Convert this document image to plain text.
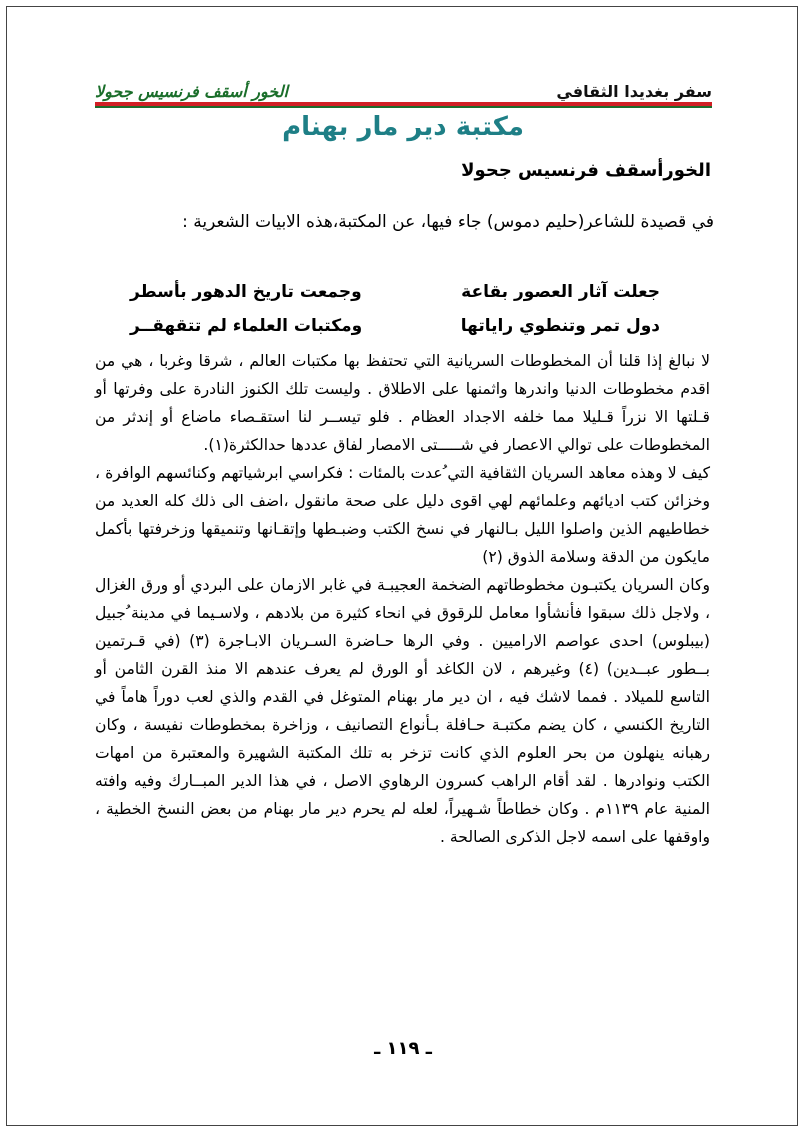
سفر بغديدا الثقافي
الخور أسقف فرنسيس جحولا
مكتبة دير مار بهنام
الخورأسقف فرنسيس جحولا
في قصيدة للشاعر(حليم دموس) جاء فيها، عن المكتبة،هذه الابيات الشعرية :
جعلت آثار العصور بقاعة
وجمعت تاريخ الدهور بأسطر
دول تمر وتنطوي راياتها
ومكتبات العلماء لم تتقهقــر

لا نبالغ إذا قلنا أن المخطوطات السريانية التي تحتفظ بها مكتبات العالم ، شرقا وغربا ، هي من اقدم مخطوطات الدنيا واندرها واثمنها على الاطلاق . وليست تلك الكنوز النادرة على وفرتها أو قـلتها الا نزراً قـليلا مما خلفه الاجداد العظام . فلو تيســر لنا استقـصاء ماضاع أو إندثر من المخطوطات على توالي الاعصار في شـــــتى الامصار لفاق عددها حدالكثرة(١).

كيف لا وهذه معاهد السريان الثقافية التي ُعدت بالمئات : فكراسي ابرشياتهم وكنائسهم الوافرة ، وخزائن كتب اديائهم وعلمائهم لهي اقوى دليل على صحة مانقول ،اضف الى ذلك كله العديد من خطاطيهم الذين واصلوا الليل بـالنهار في نسخ الكتب وضبـطها وإتقـانها وتنميقها وزخرفتها بأكمل مايكون من الدقة وسلامة الذوق (٢)

وكان السريان يكتبـون مخطوطاتهم الضخمة العجيبـة في غابر الازمان على البردي أو ورق الغزال ، ولاجل ذلك سبقوا فأنشأوا معامل للرقوق في انحاء كثيرة من بلادهم ، ولاسـيما في مدينة ُجبيل (بيبلوس) احدى عواصم الاراميين . وفي الرها حـاضرة السـريان الابـاجرة (٣) (في قـرتمين بــطور عبــدين) (٤) وغيرهم ، لان الكاغد أو الورق لم يعرف عندهم الا منذ القرن الثامن أو التاسع للميلاد . فمما لاشك فيه ، ان دير مار بهنام المتوغل في القدم والذي لعب دوراً هاماً في التاريخ الكنسي ، كان يضم مكتبـة حـافلة بـأنواع التصانيف ، وزاخرة بمخطوطات نفيسة ، وكان رهبانه ينهلون من بحر العلوم الذي كانت تزخر به تلك المكتبة الشهيرة والمعتبرة من امهات الكتب ونوادرها . لقد أقام الراهب كسرون الرهاوي الاصل ، في هذا الدير المبــارك وفيه وافته المنية عام ١١٣٩م . وكان خطاطاً شـهيراً، لعله لم يحرم دير مار بهنام من بعض النسخ الخطية ، واوقفها على اسمه لاجل الذكرى الصالحة .

ـ ١١٩ ـ
